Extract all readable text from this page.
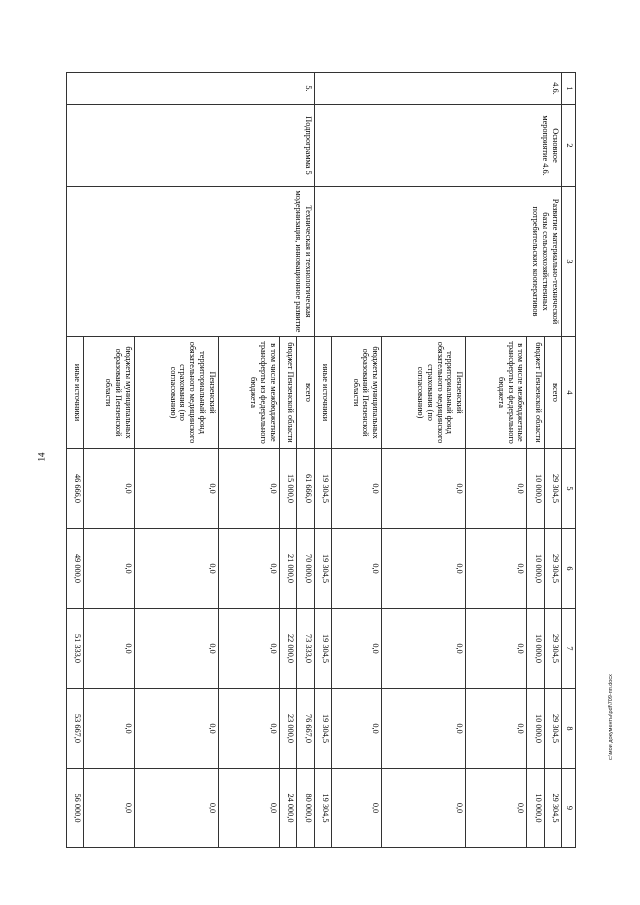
14
1	2	3	4	5	6	7	8	9
4.6.	Основное мероприятие 4.6.	Развитие материально-технической базы сельскохозяйственных потребительских кооперативов	всего	29 304,5	29 304,5	29 304,5	29 304,5	29 304,5
			бюджет Пензенской области	10 000,0	10 000,0	10 000,0	10 000,0	10 000,0
			в том числе межбюджетные трансферты из федерального бюджета	0,0	0,0	0,0	0,0	0,0
			Пензенский территориальный фонд обязательного медицинского страхования (по согласованию)	0,0	0,0	0,0	0,0	0,0
			бюджеты муниципальных образований Пензенской области	0,0	0,0	0,0	0,0	0,0
			иные источники	19 304,5	19 304,5	19 304,5	19 304,5	19 304,5
5.	Подпрограмма 5	Техническая и технологическая модернизация, инновационное развитие	всего	61 666,0	70 000,0	73 333,0	76 667,0	80 000,0
			бюджет Пензенской области	15 000,0	21 000,0	22 000,0	23 000,0	24 000,0
			в том числе межбюджетные трансферты из федерального бюджета	0,0	0,0	0,0	0,0	0,0
			Пензенский территориальный фонд обязательного медицинского страхования (по согласованию)	0,0	0,0	0,0	0,0	0,0
			бюджеты муниципальных образований Пензенской области	0,0	0,0	0,0	0,0	0,0
			иные источники	46 666,0	49 000,0	51 333,0	53 667,0	56 000,0
c:\мои документы\pdf\709-пп.docx
